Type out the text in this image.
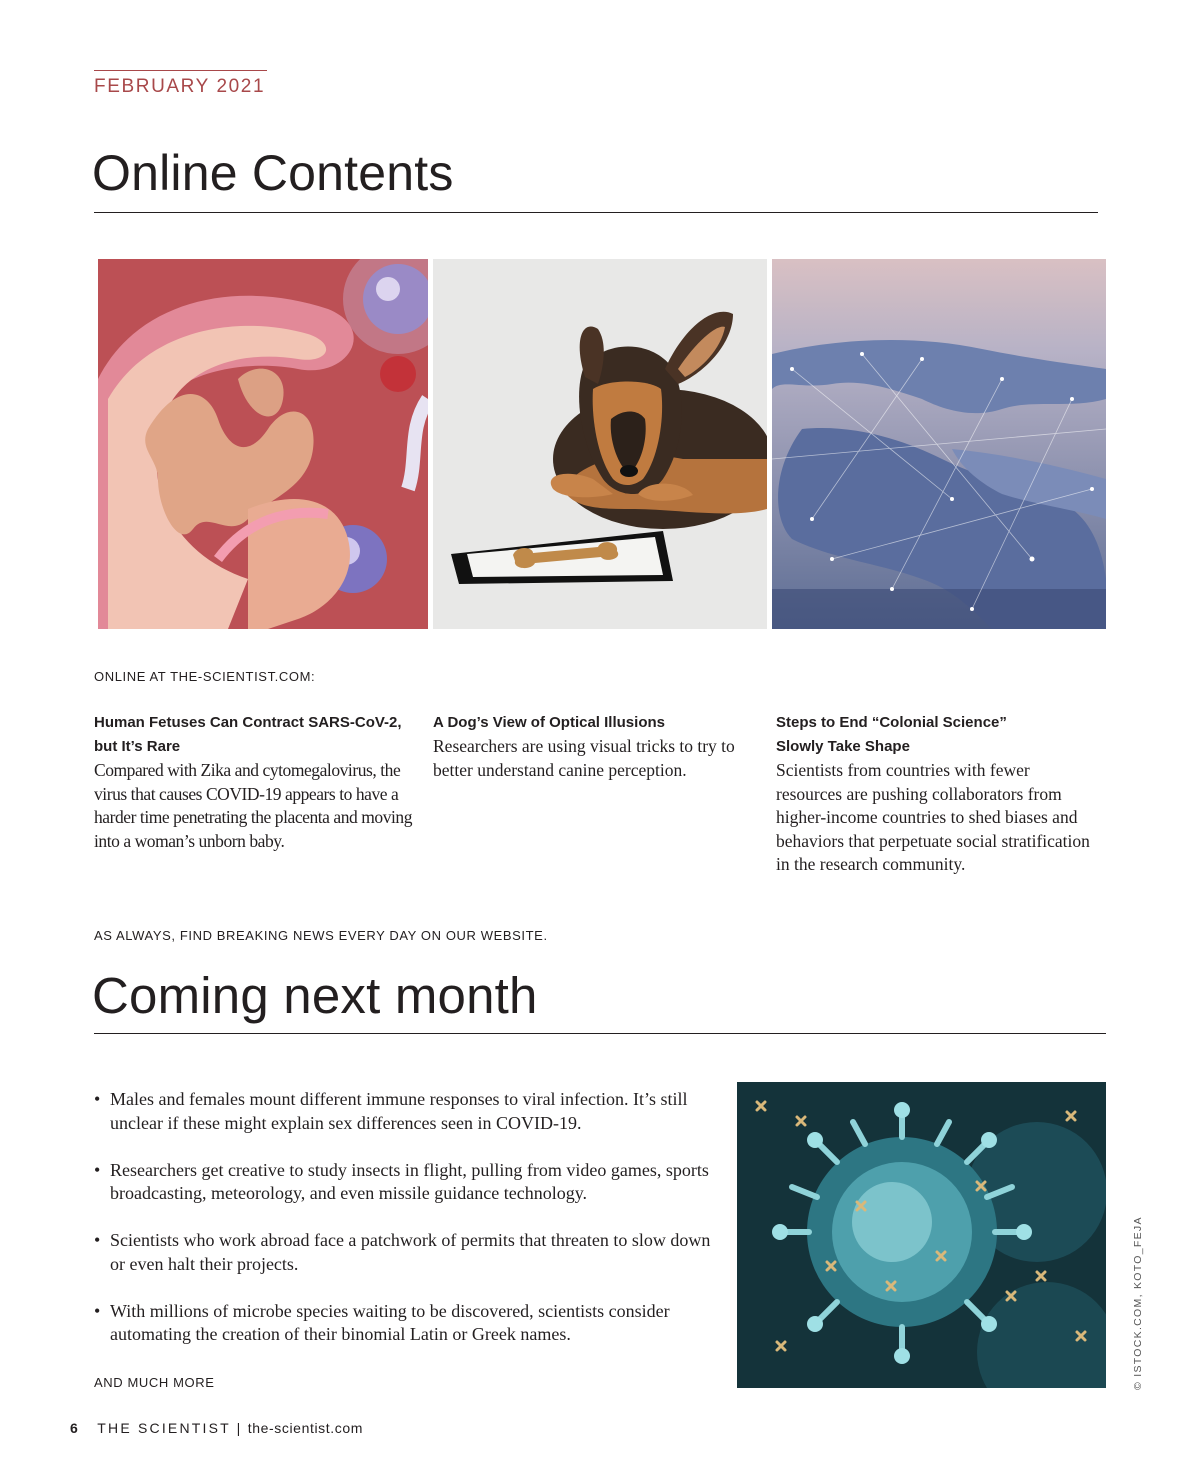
FEBRUARY 2021
Online Contents
ONLINE AT THE-SCIENTIST.COM:
Human Fetuses Can Contract SARS-CoV-2, but It’s Rare
Compared with Zika and cytomegalovirus, the virus that causes COVID-19 appears to have a harder time penetrating the placenta and moving into a woman’s unborn baby.
A Dog’s View of Optical Illusions
Researchers are using visual tricks to try to better understand canine perception.
Steps to End “Colonial Science” Slowly Take Shape
Scientists from countries with fewer resources are pushing collaborators from higher-income countries to shed biases and behaviors that perpetuate social stratification in the research community.
AS ALWAYS, FIND BREAKING NEWS EVERY DAY ON OUR WEBSITE.
Coming next month
• Males and females mount different immune responses to viral infection. It’s still unclear if these might explain sex differences seen in COVID-19.
• Researchers get creative to study insects in flight, pulling from video games, sports broadcasting, meteorology, and even missile guidance technology.
• Scientists who work abroad face a patchwork of permits that threaten to slow down or even halt their projects.
• With millions of microbe species waiting to be discovered, scientists consider automating the creation of their binomial Latin or Greek names.
AND MUCH MORE	© ISTOCK.COM, KOTO_FEJA
6 THE SCIENTIST | the-scientist.com
